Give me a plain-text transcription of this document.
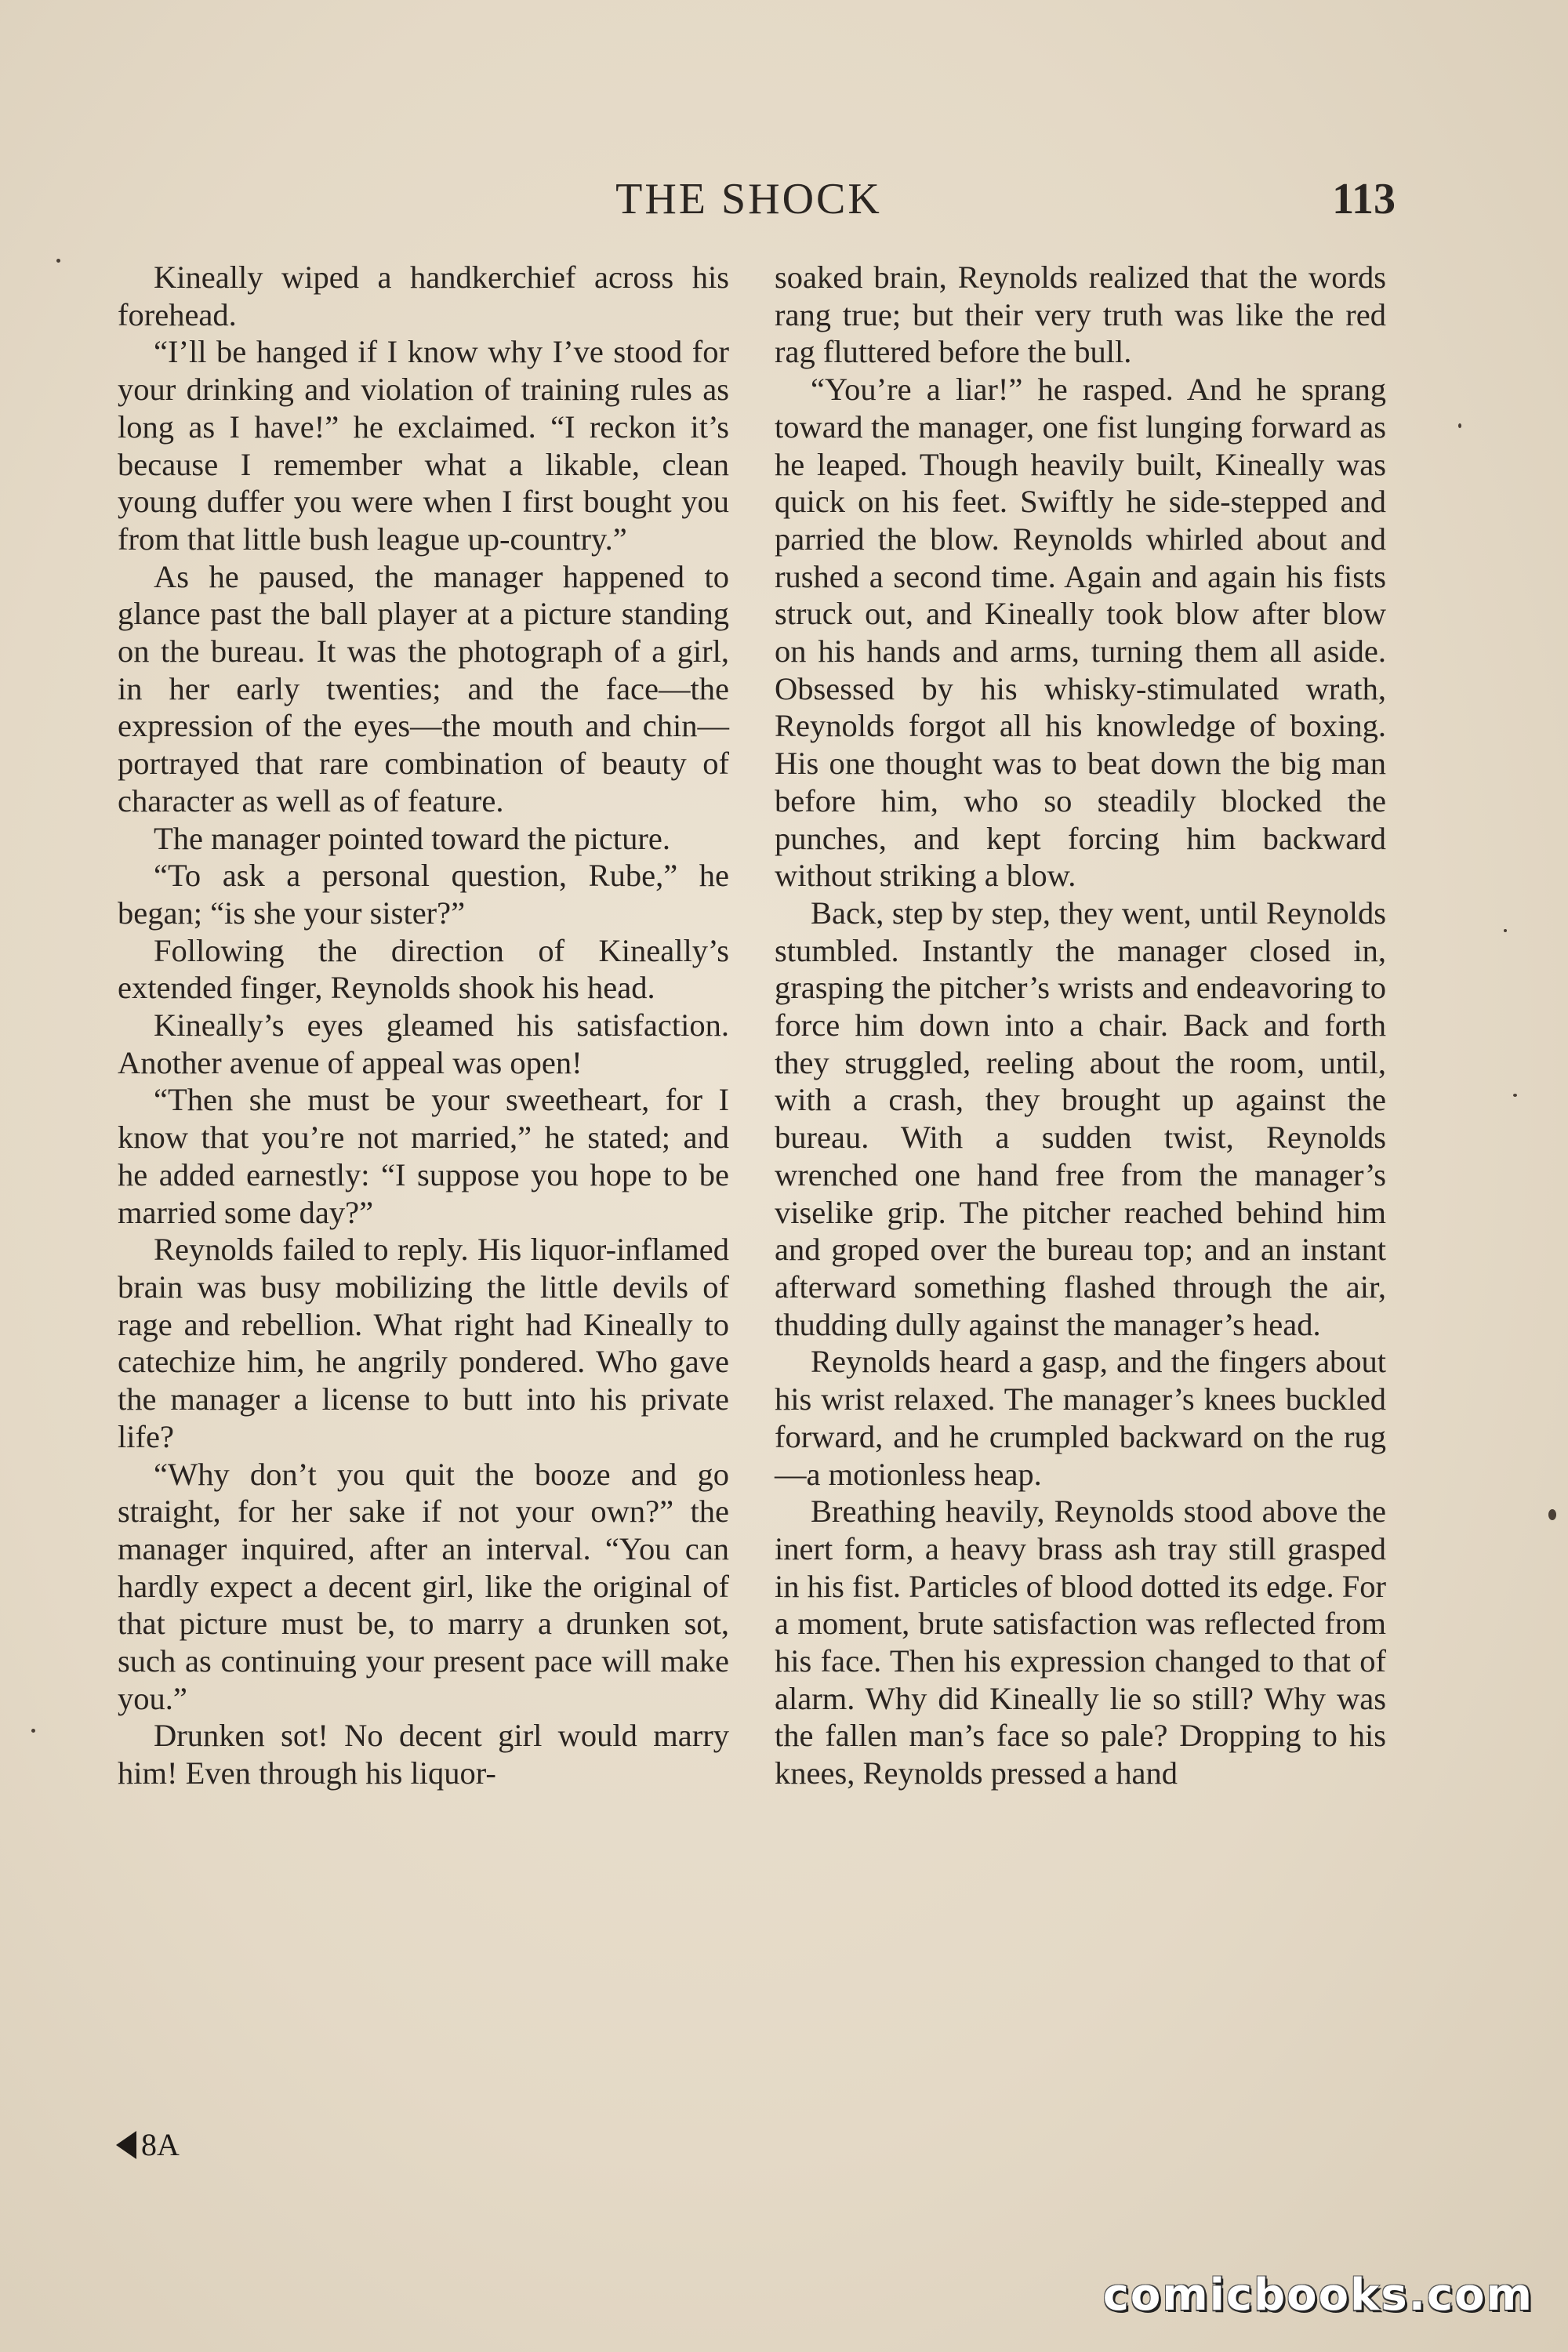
THE SHOCK	113

Kineally wiped a handkerchief across his forehead.

“I’ll be hanged if I know why I’ve stood for your drinking and violation of training rules as long as I have!” he exclaimed. “I reckon it’s because I remember what a likable, clean young duffer you were when I first bought you from that little bush league up-country.”

As he paused, the manager happened to glance past the ball player at a picture standing on the bureau. It was the photograph of a girl, in her early twenties; and the face—the expression of the eyes—the mouth and chin—portrayed that rare combination of beauty of character as well as of feature.

The manager pointed toward the picture.

“To ask a personal question, Rube,” he began; “is she your sister?”

Following the direction of Kineally’s extended finger, Reynolds shook his head.

Kineally’s eyes gleamed his satisfaction. Another avenue of appeal was open!

“Then she must be your sweetheart, for I know that you’re not married,” he stated; and he added earnestly: “I suppose you hope to be married some day?”

Reynolds failed to reply. His liquor-inflamed brain was busy mobilizing the little devils of rage and rebellion. What right had Kineally to catechize him, he angrily pondered. Who gave the manager a license to butt into his private life?

“Why don’t you quit the booze and go straight, for her sake if not your own?” the manager inquired, after an interval. “You can hardly expect a decent girl, like the original of that picture must be, to marry a drunken sot, such as continuing your present pace will make you.”

Drunken sot! No decent girl would marry him! Even through his liquor-

soaked brain, Reynolds realized that the words rang true; but their very truth was like the red rag fluttered before the bull.

“You’re a liar!” he rasped. And he sprang toward the manager, one fist lunging forward as he leaped. Though heavily built, Kineally was quick on his feet. Swiftly he side-stepped and parried the blow. Reynolds whirled about and rushed a second time. Again and again his fists struck out, and Kineally took blow after blow on his hands and arms, turning them all aside. Obsessed by his whisky-stimulated wrath, Reynolds forgot all his knowledge of boxing. His one thought was to beat down the big man before him, who so steadily blocked the punches, and kept forcing him backward without striking a blow.

Back, step by step, they went, until Reynolds stumbled. Instantly the manager closed in, grasping the pitcher’s wrists and endeavoring to force him down into a chair. Back and forth they struggled, reeling about the room, until, with a crash, they brought up against the bureau. With a sudden twist, Reynolds wrenched one hand free from the manager’s viselike grip. The pitcher reached behind him and groped over the bureau top; and an instant afterward something flashed through the air, thudding dully against the manager’s head.

Reynolds heard a gasp, and the fingers about his wrist relaxed. The manager’s knees buckled forward, and he crumpled backward on the rug—a motionless heap.

Breathing heavily, Reynolds stood above the inert form, a heavy brass ash tray still grasped in his fist. Particles of blood dotted its edge. For a moment, brute satisfaction was reflected from his face. Then his expression changed to that of alarm. Why did Kineally lie so still? Why was the fallen man’s face so pale? Dropping to his knees, Reynolds pressed a hand

8A
comicbooks.com
